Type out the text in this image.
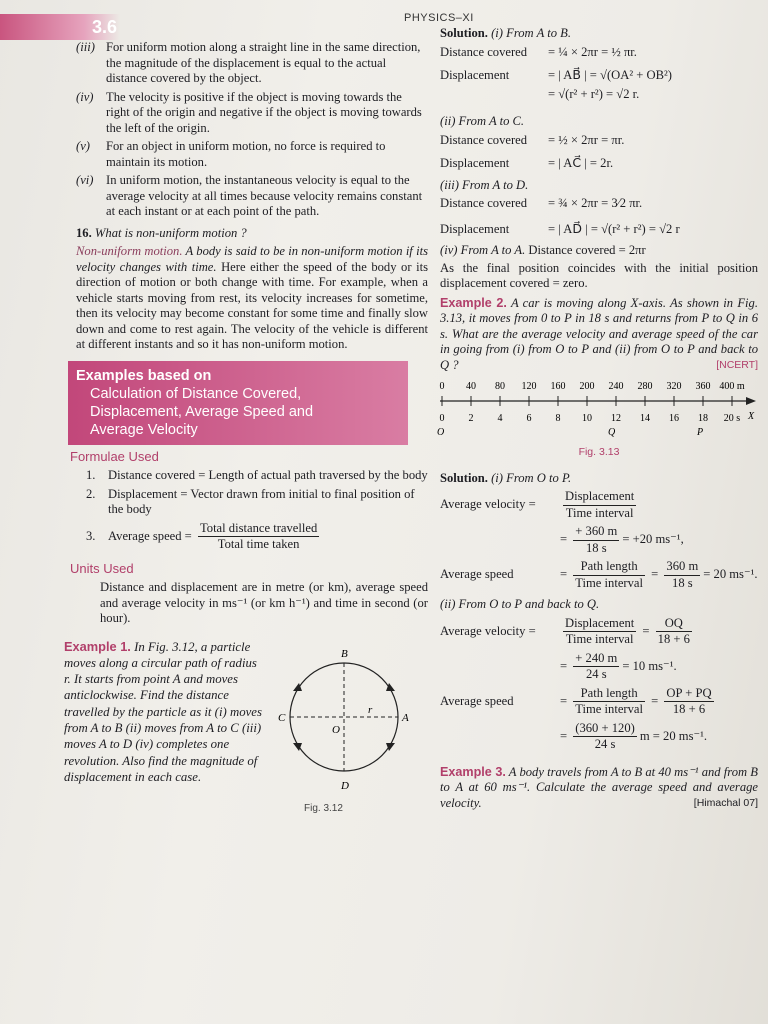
3.6	PHYSICS–XI
(iii) For uniform motion along a straight line in the same direction, the magnitude of the displacement is equal to the actual distance covered by the object.
(iv) The velocity is positive if the object is moving towards the right of the origin and negative if the object is moving towards the left of the origin.
(v)	For an object in uniform motion, no force is required to maintain its motion.
(vi) In uniform motion, the instantaneous velocity is equal to the average velocity at all times because velocity remains constant at each instant or at each point of the path.
16. What is non-uniform motion ?
Non-uniform motion. A body is said to be in non-uniform motion if its velocity changes with time. Here either the speed of the body or its direction of motion or both change with time. For example, when a vehicle starts moving from rest, its velocity increases for sometime, then its velocity may become constant for some time and finally slow down and come to rest again. The velocity of the vehicle is different at different instants and so it has non-uniform motion.
Examples based on
Calculation of Distance Covered,
Displacement, Average Speed and
Average Velocity
Formulae Used
1. Distance covered = Length of actual path traversed by the body
2. Displacement = Vector drawn from initial to final position of the body
3. Average speed = $\frac{\text{Total distance travelled}}{\text{Total time taken}}$
Units Used
Distance and displacement are in metre (or km), average speed and average velocity in ms⁻¹ (or km h⁻¹) and time in second (or hour).
Example 1. In Fig. 3.12, a particle moves along a circular path of radius r. It starts from point A and moves anticlockwise. Find the distance travelled by the particle as it (i) moves from A to B (ii) moves from A to C (iii) moves A to D (iv) completes one revolution. Also find the magnitude of displacement in each case.
B
C	A
D
O
r
Fig. 3.12
Solution. (i) From A to B.
Distance covered	= ¼ × 2πr = ½ πr.
Displacement	= | AB⃗ | = √(OA² + OB²)
= √(r² + r²) = √2 r.
(ii) From A to C.
Distance covered	= ½ × 2πr = πr.
Displacement	= | AC⃗ | = 2r.
(iii) From A to D.
Distance covered	= ¾ × 2πr = 3⁄2 πr.
Displacement	= | AD⃗ | = √(r² + r²) = √2 r
(iv) From A to A. Distance covered = 2πr
As the final position coincides with the initial position displacement covered = zero.
Example 2. A car is moving along X-axis. As shown in Fig. 3.13, it moves from 0 to P in 18 s and returns from P to Q in 6 s. What are the average velocity and average speed of the car in going from (i) from O to P and (ii) from O to P and back to Q ?	[NCERT]
0 40 80 120 160 200 240 280 320 360 400 m
0 2 4 6 8 10 12 14 16 18 20 s
O	Q	P
X
Fig. 3.13
Solution. (i) From O to P.
Average velocity =	$\frac{\text{Displacement}}{\text{Time interval}}$
= $\frac{+ 360 m}{18 s} = +20$ ms⁻¹,
Average speed	= $\frac{\text{Path length}}{\text{Time interval}} = \frac{360 m}{18 s} = 20$ ms⁻¹.
(ii) From O to P and back to Q.
Average velocity =	$\frac{\text{Displacement}}{\text{Time interval}} = \frac{OQ}{18 + 6}$
= $\frac{+ 240 m}{24 s} = 10$ ms⁻¹.
Average speed	= $\frac{\text{Path length}}{\text{Time interval}} = \frac{OP + PQ}{18 + 6}$
= $\frac{(360 + 120)}{24 s}$ m = 20 ms⁻¹.
Example 3. A body travels from A to B at 40 ms⁻¹ and from B to A at 60 ms⁻¹. Calculate the average speed and average velocity.	[Himachal 07]
